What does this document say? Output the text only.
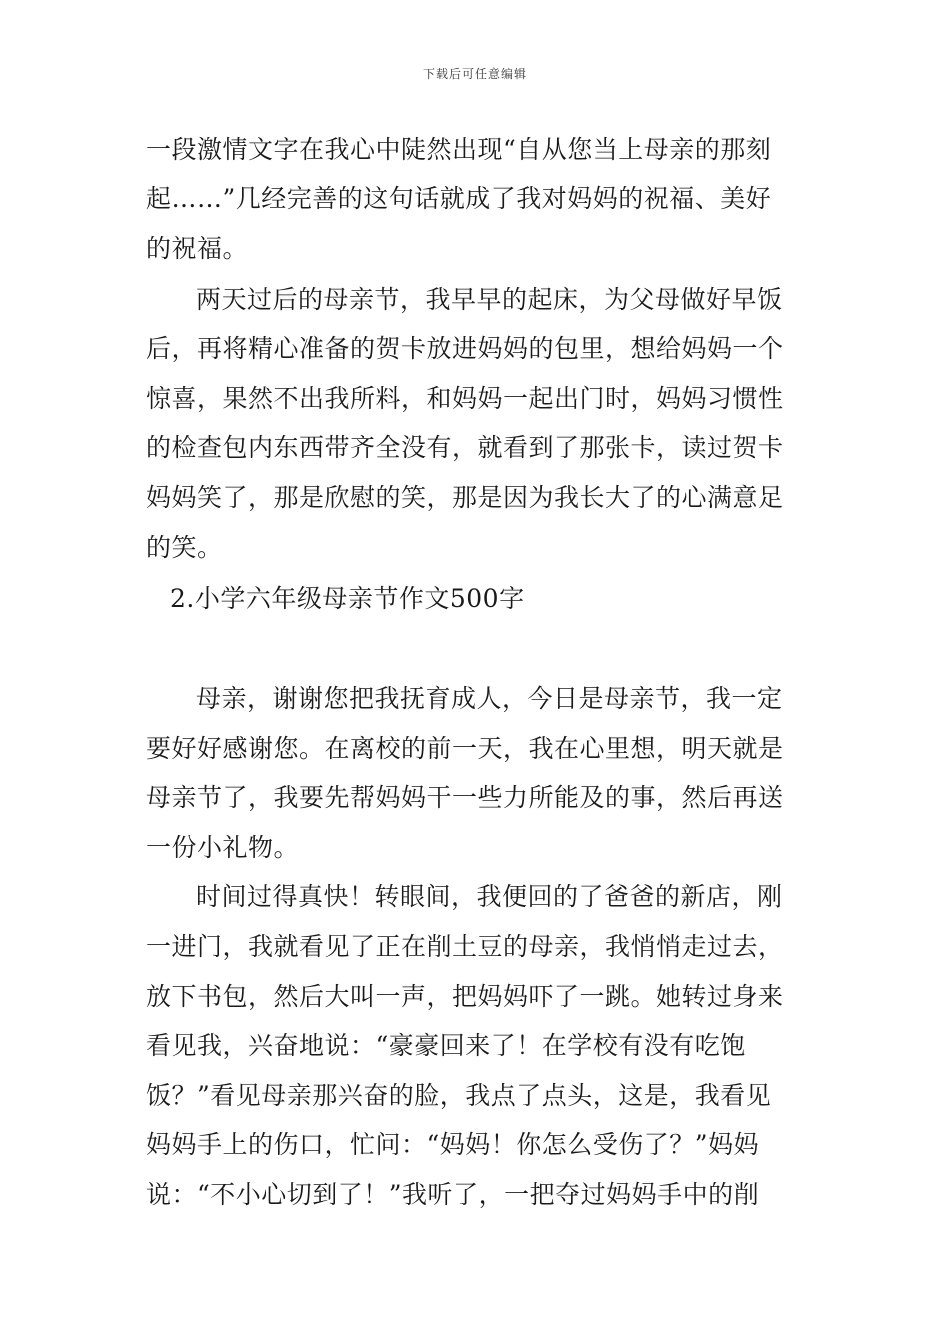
下载后可任意编辑
一段激情文字在我心中陡然出现“自从您当上母亲的那刻
起……”几经完善的这句话就成了我对妈妈的祝福、美好
的祝福。
两天过后的母亲节，我早早的起床，为父母做好早饭
后，再将精心准备的贺卡放进妈妈的包里，想给妈妈一个
惊喜，果然不出我所料，和妈妈一起出门时，妈妈习惯性
的检查包内东西带齐全没有，就看到了那张卡，读过贺卡
妈妈笑了，那是欣慰的笑，那是因为我长大了的心满意足
的笑。
2.小学六年级母亲节作文500字
母亲，谢谢您把我抚育成人，今日是母亲节，我一定
要好好感谢您。在离校的前一天，我在心里想，明天就是
母亲节了，我要先帮妈妈干一些力所能及的事，然后再送
一份小礼物。
时间过得真快！转眼间，我便回的了爸爸的新店，刚
一进门，我就看见了正在削土豆的母亲，我悄悄走过去，
放下书包，然后大叫一声，把妈妈吓了一跳。她转过身来
看见我，兴奋地说：“豪豪回来了！在学校有没有吃饱
饭？”看见母亲那兴奋的脸，我点了点头，这是，我看见
妈妈手上的伤口，忙问：“妈妈！你怎么受伤了？”妈妈
说：“不小心切到了！”我听了，一把夺过妈妈手中的削
